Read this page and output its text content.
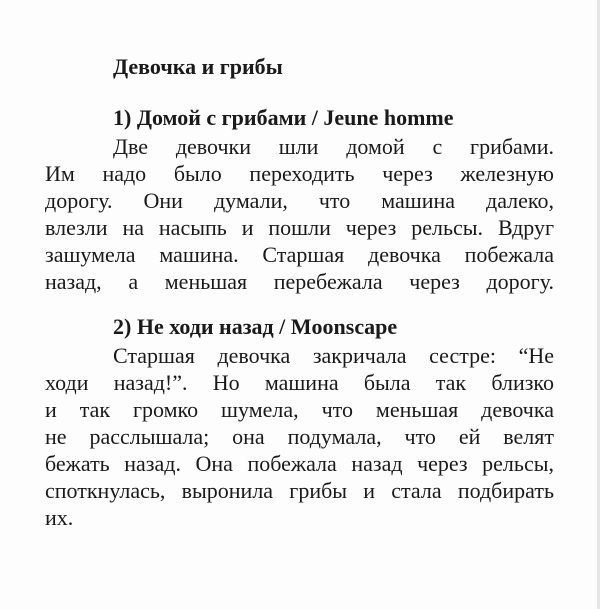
Девочка и грибы
1) Домой с грибами / Jeune homme
Две девочки шли домой с грибами.
Им надо было переходить через железную
дорогу. Они думали, что машина далеко,
влезли на насыпь и пошли через рельсы. Вдруг
зашумела машина. Старшая девочка побежала
назад, а меньшая перебежала через дорогу.
2) Не ходи назад / Moonscape
Старшая девочка закричала сестре: “Не
ходи назад!”. Но машина была так близко
и так громко шумела, что меньшая девочка
не расслышала; она подумала, что ей велят
бежать назад. Она побежала назад через рельсы,
споткнулась, выронила грибы и стала подбирать
их.
